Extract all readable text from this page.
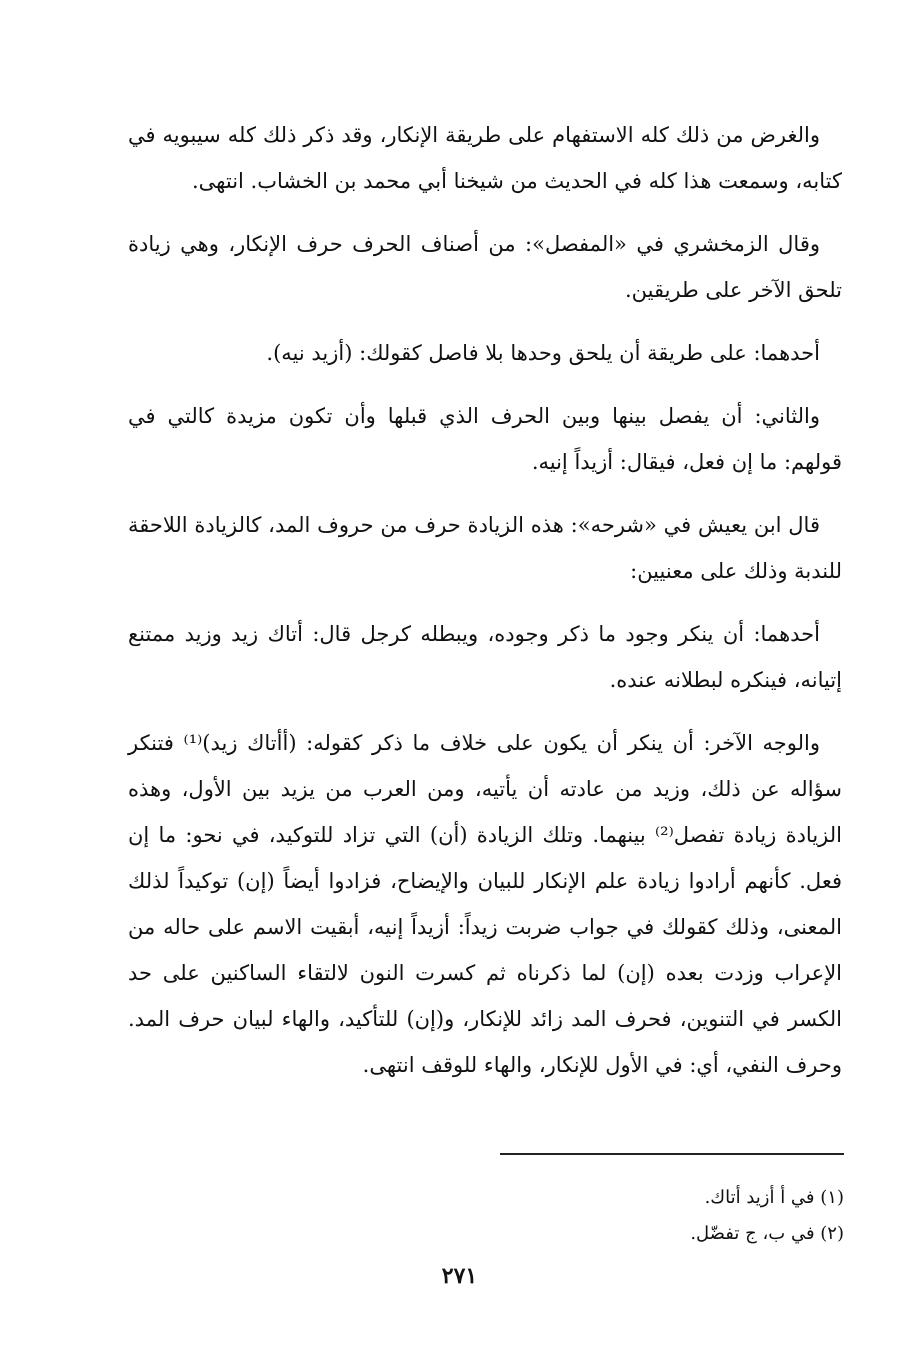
والغرض من ذلك كله الاستفهام على طريقة الإنكار، وقد ذكر ذلك كله سيبويه في كتابه، وسمعت هذا كله في الحديث من شيخنا أبي محمد بن الخشاب. انتهى.

وقال الزمخشري في «المفصل»: من أصناف الحرف حرف الإنكار، وهي زيادة تلحق الآخر على طريقين.

أحدهما: على طريقة أن يلحق وحدها بلا فاصل كقولك: (أزيد نيه).

والثاني: أن يفصل بينها وبين الحرف الذي قبلها وأن تكون مزيدة كالتي في قولهم: ما إن فعل، فيقال: أزيداً إنيه.

قال ابن يعيش في «شرحه»: هذه الزيادة حرف من حروف المد، كالزيادة اللاحقة للندبة وذلك على معنيين:

أحدهما: أن ينكر وجود ما ذكر وجوده، ويبطله كرجل قال: أتاك زيد وزيد ممتنع إتيانه، فينكره لبطلانه عنده.

والوجه الآخر: أن ينكر أن يكون على خلاف ما ذكر كقوله: (أأتاك زيد)⁽¹⁾ فتنكر سؤاله عن ذلك، وزيد من عادته أن يأتيه، ومن العرب من يزيد بين الأول، وهذه الزيادة زيادة تفصل⁽²⁾ بينهما. وتلك الزيادة (أن) التي تزاد للتوكيد، في نحو: ما إن فعل. كأنهم أرادوا زيادة علم الإنكار للبيان والإيضاح، فزادوا أيضاً (إن) توكيداً لذلك المعنى، وذلك كقولك في جواب ضربت زيداً: أزيداً إنيه، أبقيت الاسم على حاله من الإعراب وزدت بعده (إن) لما ذكرناه ثم كسرت النون لالتقاء الساكنين على حد الكسر في التنوين، فحرف المد زائد للإنكار، و(إن) للتأكيد، والهاء لبيان حرف المد. وحرف النفي، أي: في الأول للإنكار، والهاء للوقف انتهى.

(١) في أ أزيد أتاك.

(٢) في ب، ج تفضّل.

٢٧١
